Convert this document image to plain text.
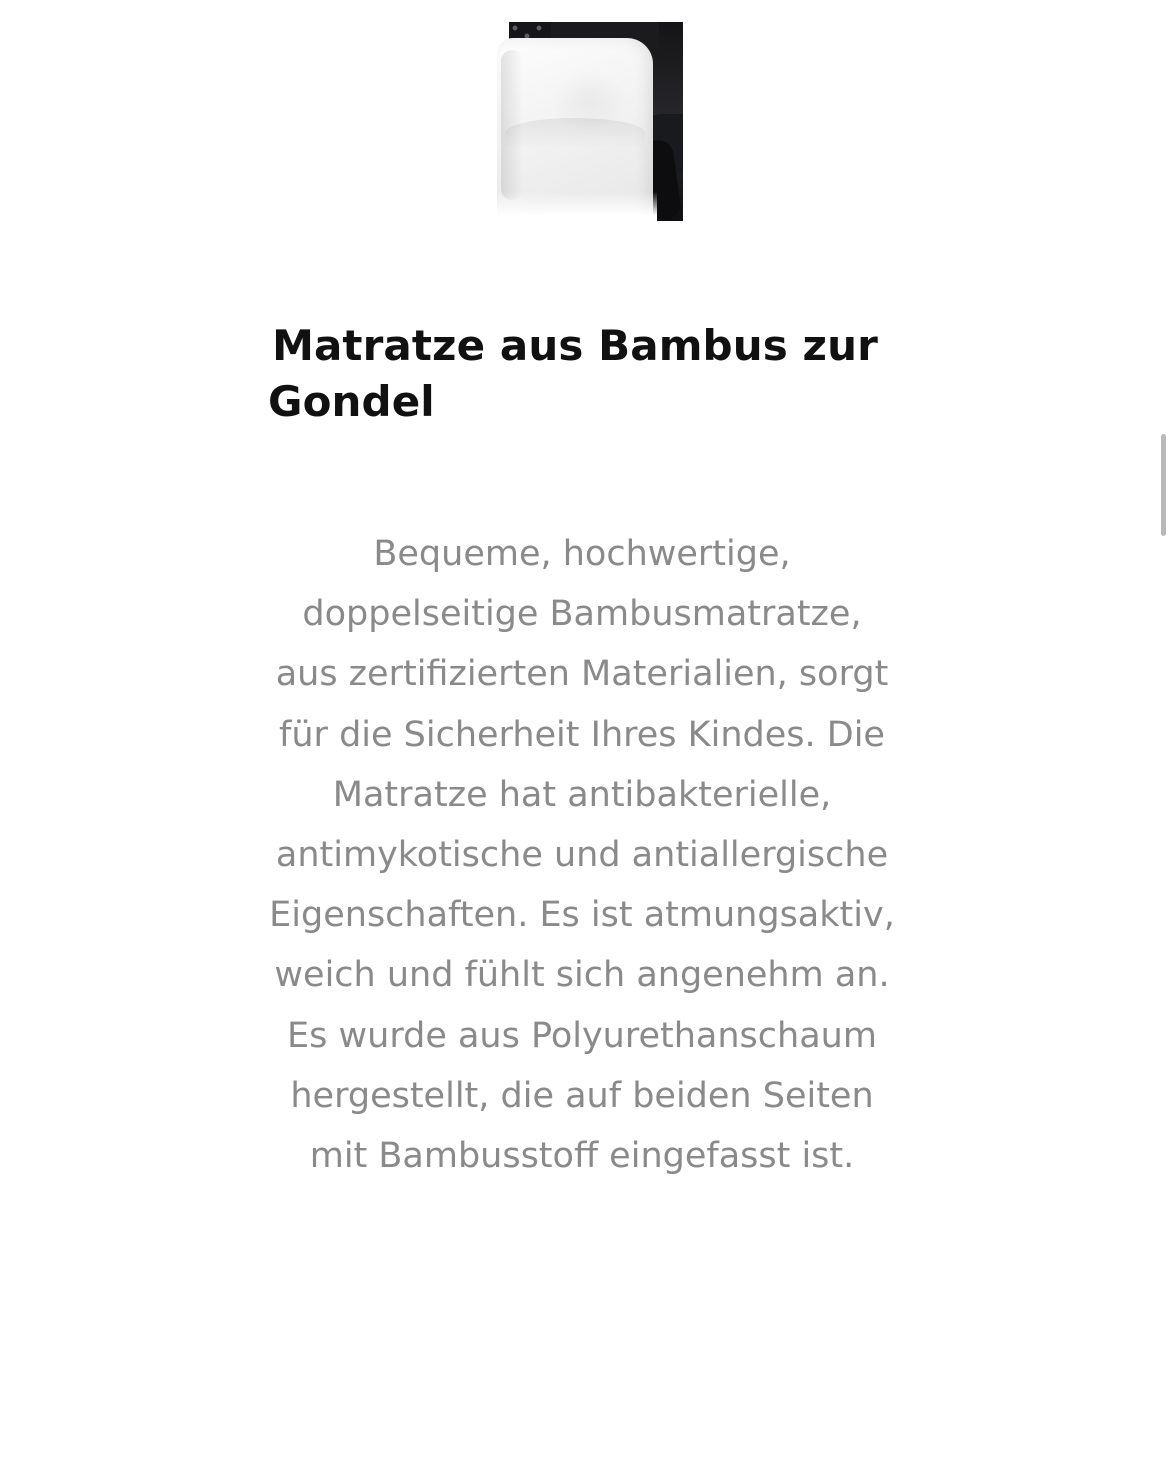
Matratze aus Bambus zur
Gondel

Bequeme, hochwertige, doppelseitige Bambusmatratze, aus zertifizierten Materialien, sorgt für die Sicherheit Ihres Kindes. Die Matratze hat antibakterielle, antimykotische und antiallergische Eigenschaften. Es ist atmungsaktiv, weich und fühlt sich angenehm an. Es wurde aus Polyurethanschaum hergestellt, die auf beiden Seiten mit Bambusstoff eingefasst ist.
